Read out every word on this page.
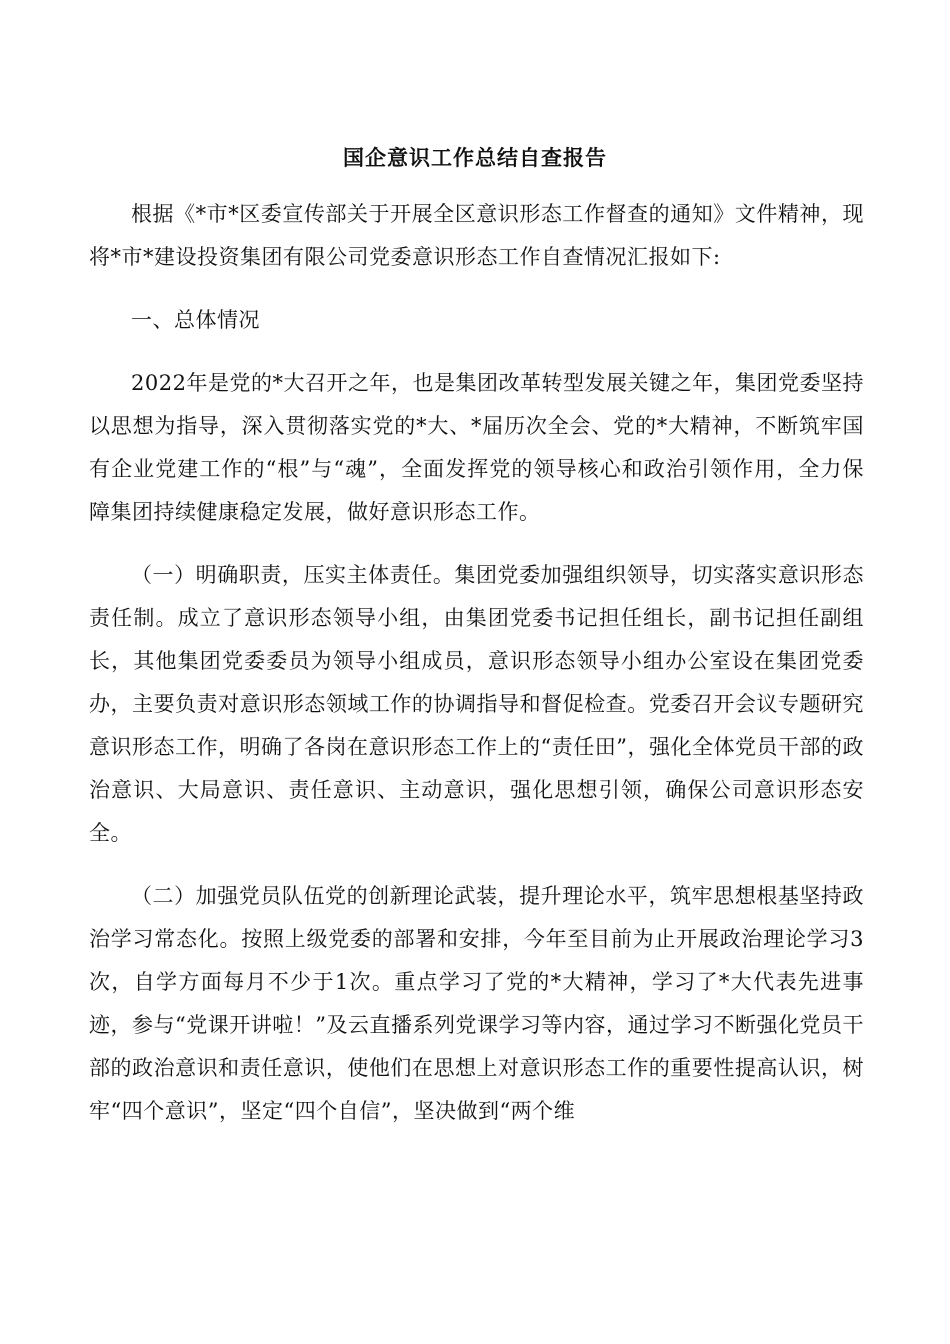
国企意识工作总结自查报告

根据《*市*区委宣传部关于开展全区意识形态工作督查的通知》文件精神，现将*市*建设投资集团有限公司党委意识形态工作自查情况汇报如下:

一、总体情况

2022年是党的*大召开之年，也是集团改革转型发展关键之年，集团党委坚持以思想为指导，深入贯彻落实党的*大、*届历次全会、党的*大精神，不断筑牢国有企业党建工作的“根”与“魂”，全面发挥党的领导核心和政治引领作用，全力保障集团持续健康稳定发展，做好意识形态工作。

（一）明确职责，压实主体责任。集团党委加强组织领导，切实落实意识形态责任制。成立了意识形态领导小组，由集团党委书记担任组长，副书记担任副组长，其他集团党委委员为领导小组成员，意识形态领导小组办公室设在集团党委办，主要负责对意识形态领域工作的协调指导和督促检查。党委召开会议专题研究意识形态工作，明确了各岗在意识形态工作上的“责任田”，强化全体党员干部的政治意识、大局意识、责任意识、主动意识，强化思想引领，确保公司意识形态安全。

（二）加强党员队伍党的创新理论武装，提升理论水平，筑牢思想根基坚持政治学习常态化。按照上级党委的部署和安排，今年至目前为止开展政治理论学习3次，自学方面每月不少于1次。重点学习了党的*大精神，学习了*大代表先进事迹，参与“党课开讲啦！”及云直播系列党课学习等内容，通过学习不断强化党员干部的政治意识和责任意识，使他们在思想上对意识形态工作的重要性提高认识，树牢“四个意识”，坚定“四个自信”，坚决做到“两个维
